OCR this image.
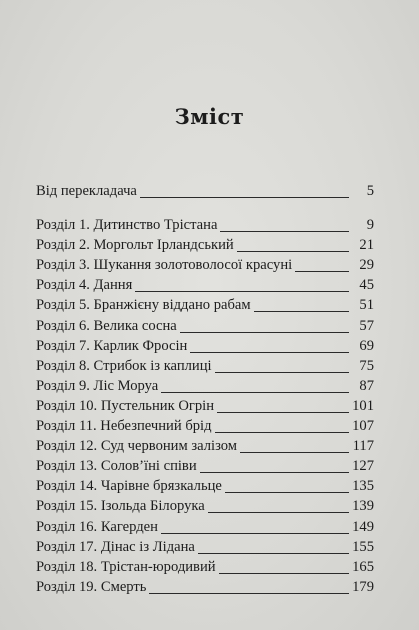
Зміст
Від перекладача	5
Розділ 1. Дитинство Трістана	9
Розділ 2. Моргольт Ірландський	21
Розділ 3. Шукання золотоволосої красуні	29
Розділ 4. Дання	45
Розділ 5. Бранжієну віддано рабам	51
Розділ 6. Велика сосна	57
Розділ 7. Карлик Фросін	69
Розділ 8. Стрибок із каплиці	75
Розділ 9. Ліс Моруа	87
Розділ 10. Пустельник Огрін	101
Розділ 11. Небезпечний брід	107
Розділ 12. Суд червоним залізом	117
Розділ 13. Солов’їні співи	127
Розділ 14. Чарівне брязкальце	135
Розділ 15. Ізольда Білорука	139
Розділ 16. Кагерден	149
Розділ 17. Дінас із Лідана	155
Розділ 18. Трістан-юродивий	165
Розділ 19. Смерть	179
